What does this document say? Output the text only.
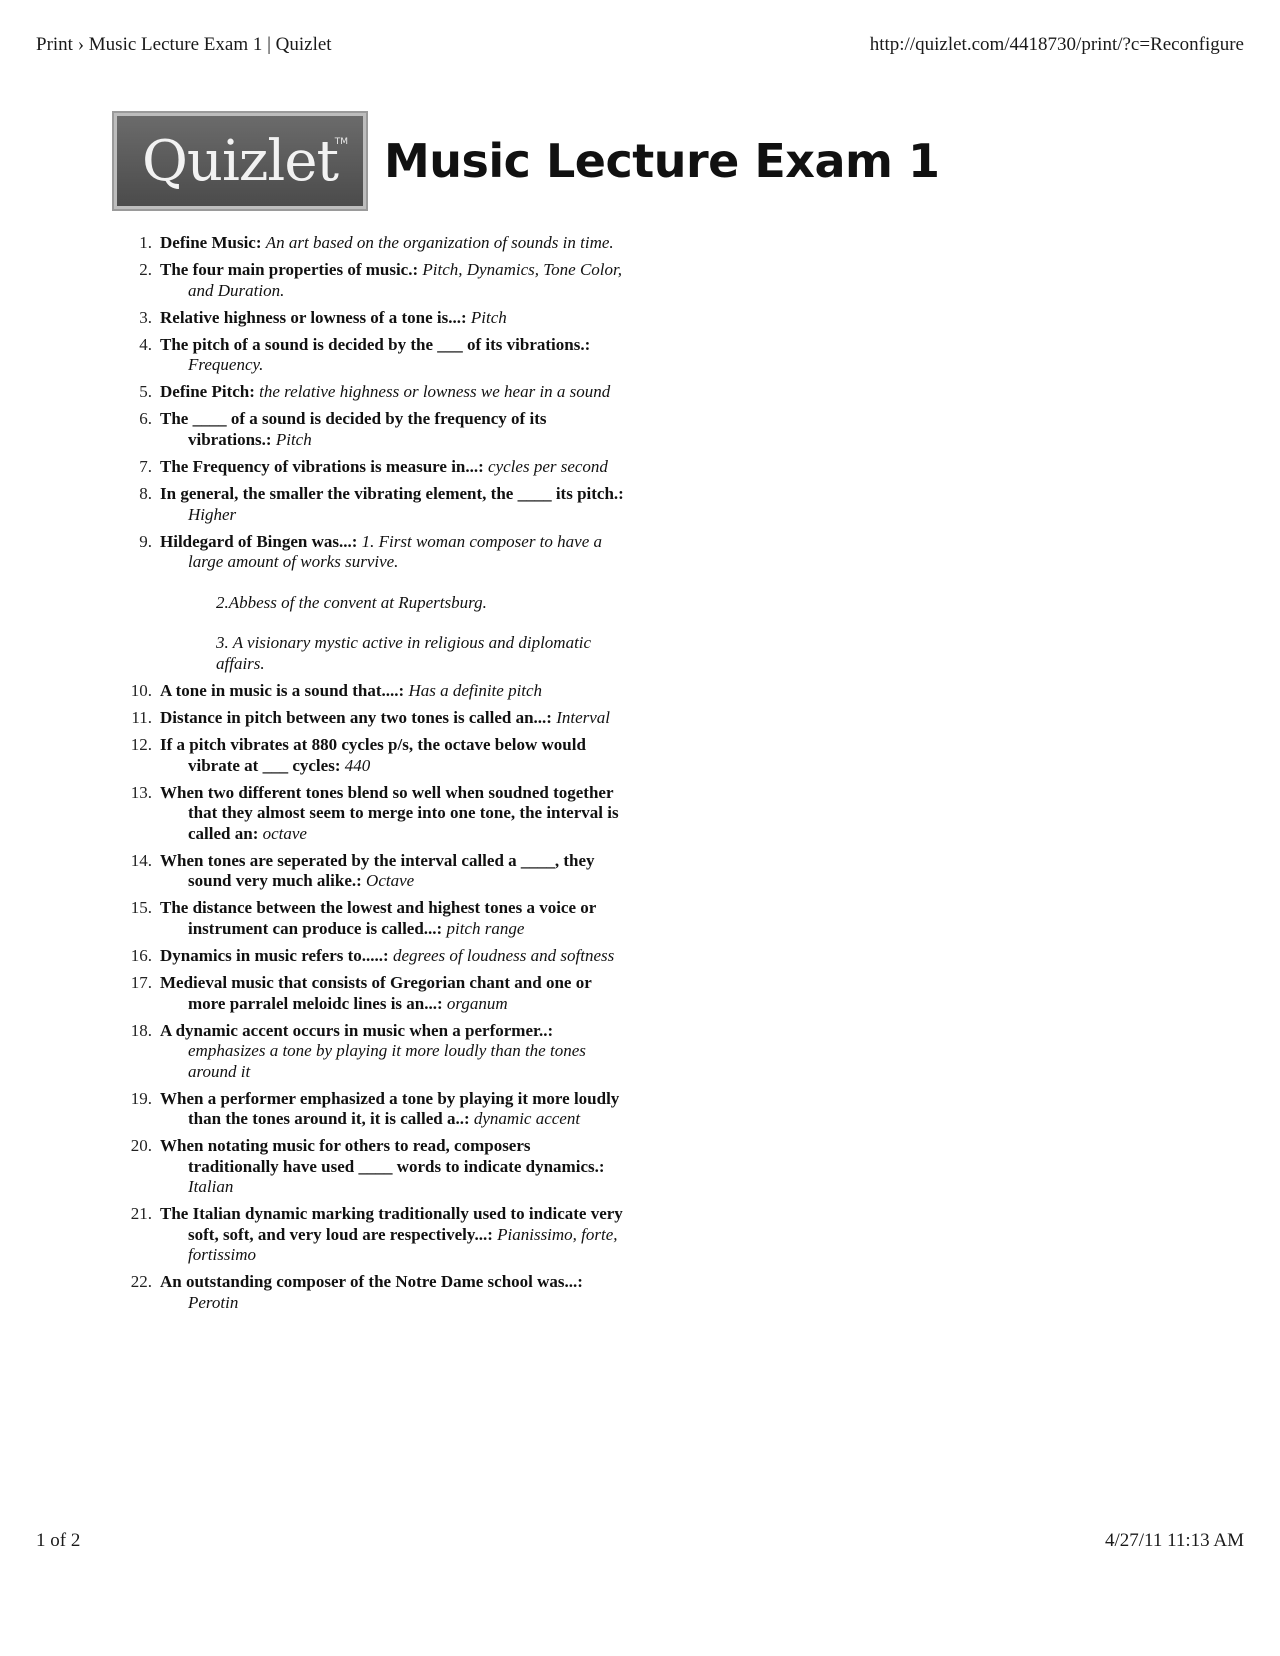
Print › Music Lecture Exam 1 | Quizlet	http://quizlet.com/4418730/print/?c=Reconfigure
Quizlet
TM Music Lecture Exam 1
1. Define Music: An art based on the organization of sounds in time.
2. The four main properties of music.: Pitch, Dynamics, Tone Color, and Duration.
3. Relative highness or lowness of a tone is...: Pitch
4. The pitch of a sound is decided by the ___ of its vibrations.: Frequency.
5. Define Pitch: the relative highness or lowness we hear in a sound
6. The ____ of a sound is decided by the frequency of its vibrations.: Pitch
7. The Frequency of vibrations is measure in...: cycles per second
8. In general, the smaller the vibrating element, the ____ its pitch.: Higher
9. Hildegard of Bingen was...: 1. First woman composer to have a large amount of works survive.
2.Abbess of the convent at Rupertsburg.
3. A visionary mystic active in religious and diplomatic affairs.
10. A tone in music is a sound that....: Has a definite pitch
11. Distance in pitch between any two tones is called an...: Interval
12. If a pitch vibrates at 880 cycles p/s, the octave below would vibrate at ___ cycles: 440
13. When two different tones blend so well when soudned together that they almost seem to merge into one tone, the interval is called an: octave
14. When tones are seperated by the interval called a ____, they sound very much alike.: Octave
15. The distance between the lowest and highest tones a voice or instrument can produce is called...: pitch range
16. Dynamics in music refers to.....: degrees of loudness and softness
17. Medieval music that consists of Gregorian chant and one or more parralel meloidc lines is an...: organum
18. A dynamic accent occurs in music when a performer..: emphasizes a tone by playing it more loudly than the tones around it
19. When a performer emphasized a tone by playing it more loudly than the tones around it, it is called a..: dynamic accent
20. When notating music for others to read, composers traditionally have used ____ words to indicate dynamics.: Italian
21. The Italian dynamic marking traditionally used to indicate very soft, soft, and very loud are respectively...: Pianissimo, forte, fortissimo
22. An outstanding composer of the Notre Dame school was...: Perotin
1 of 2	4/27/11 11:13 AM
